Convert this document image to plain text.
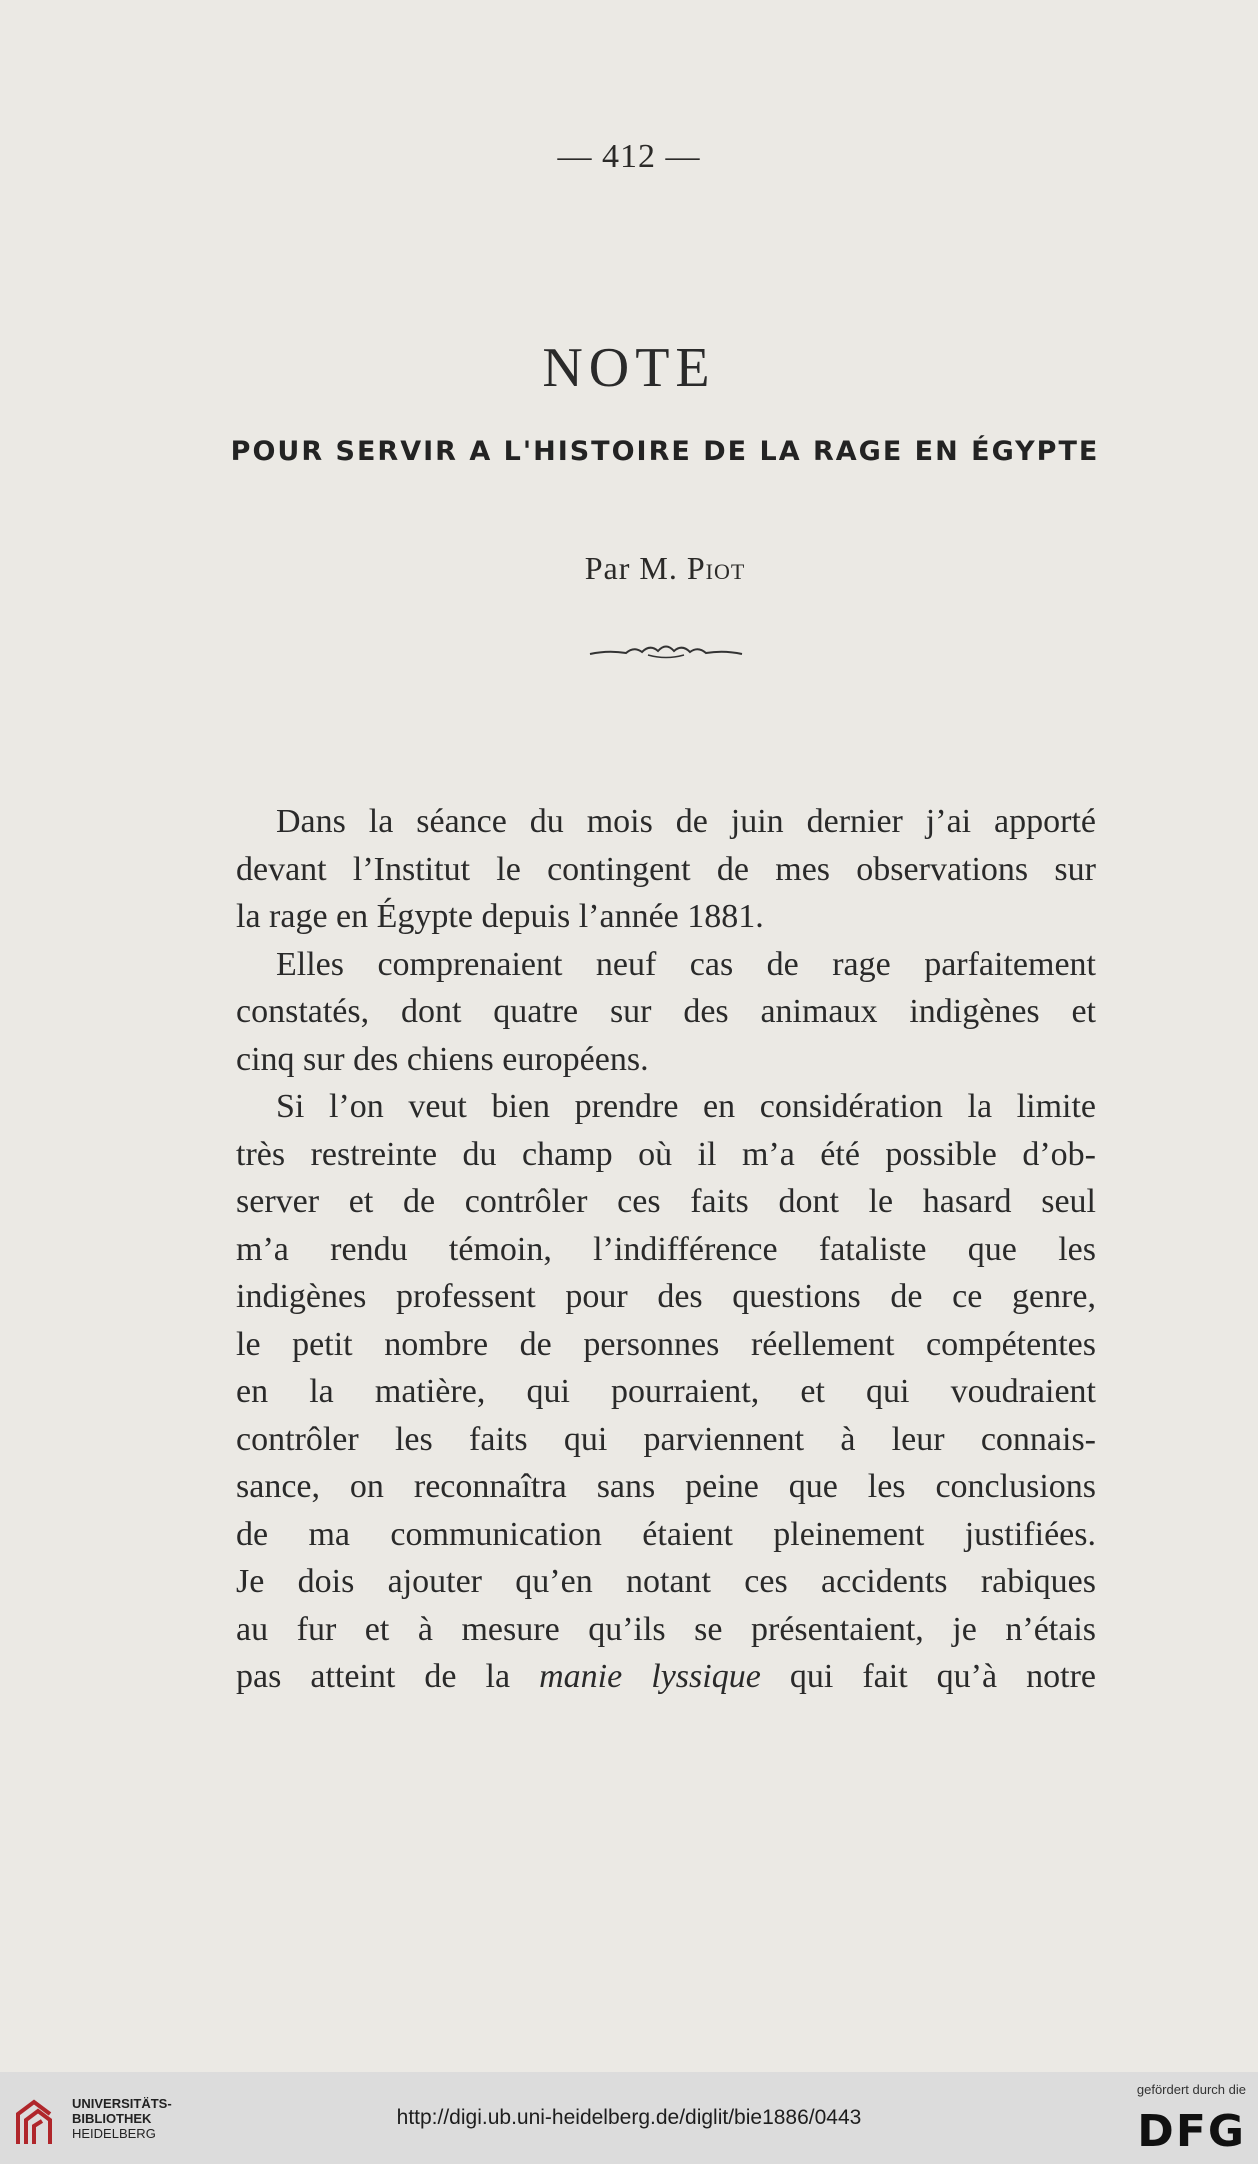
— 412 —
NOTE
POUR SERVIR A L'HISTOIRE DE LA RAGE EN ÉGYPTE
Par M. Piot
Dans la séance du mois de juin dernier j’ai apporté
devant l’Institut le contingent de mes observations sur
la rage en Égypte depuis l’année 1881.
Elles comprenaient neuf cas de rage parfaitement
constatés, dont quatre sur des animaux indigènes et
cinq sur des chiens européens.
Si l’on veut bien prendre en considération la limite
très restreinte du champ où il m’a été possible d’ob-
server et de contrôler ces faits dont le hasard seul
m’a rendu témoin, l’indifférence fataliste que les
indigènes professent pour des questions de ce genre,
le petit nombre de personnes réellement compétentes
en la matière, qui pourraient, et qui voudraient
contrôler les faits qui parviennent à leur connais-
sance, on reconnaîtra sans peine que les conclusions
de ma communication étaient pleinement justifiées.
Je dois ajouter qu’en notant ces accidents rabiques
au fur et à mesure qu’ils se présentaient, je n’étais
pas atteint de la manie lyssique qui fait qu’à notre
UNIVERSITÄTS-
BIBLIOTHEK
HEIDELBERG
http://digi.ub.uni-heidelberg.de/diglit/bie1886/0443
gefördert durch die
DFG
